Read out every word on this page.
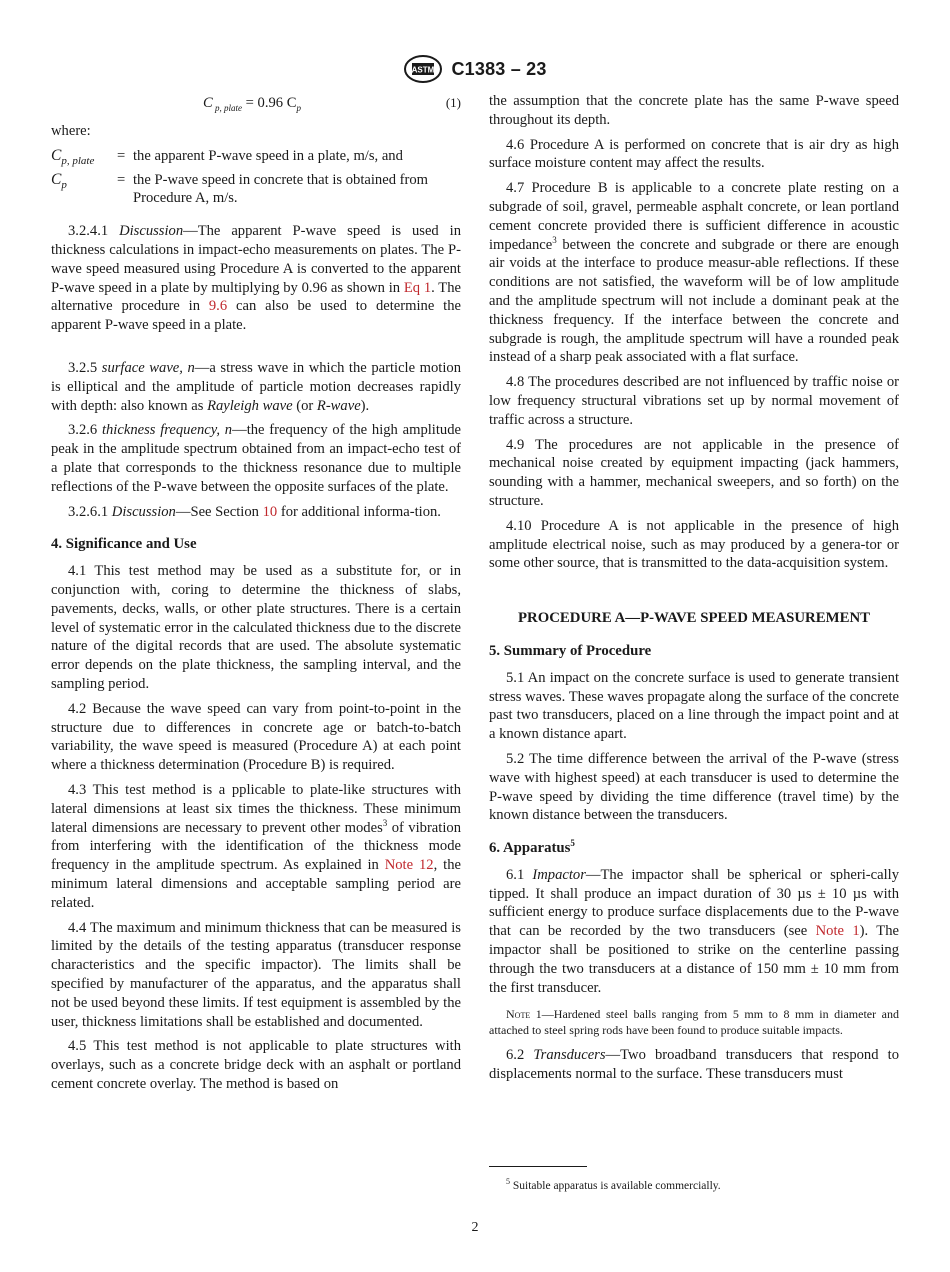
ASTM C1383 – 23
C $_{p, plate}$ = 0.96 $C_p$	(1)

where:

$C_{p, plate}$	=	the apparent P-wave speed in a plate, m/s, and
$C_p$	=	the P-wave speed in concrete that is obtained from Procedure A, m/s.

3.2.4.1 Discussion—The apparent P-wave speed is used in thickness calculations in impact-echo measurements on plates. The P-wave speed measured using Procedure A is converted to the apparent P-wave speed in a plate by multiplying by 0.96 as shown in Eq 1. The alternative procedure in 9.6 can also be used to determine the apparent P-wave speed in a plate.

3.2.5 surface wave, n—a stress wave in which the particle motion is elliptical and the amplitude of particle motion decreases rapidly with depth: also known as Rayleigh wave (or R-wave).

3.2.6 thickness frequency, n—the frequency of the high amplitude peak in the amplitude spectrum obtained from an impact-echo test of a plate that corresponds to the thickness resonance due to multiple reflections of the P-wave between the opposite surfaces of the plate.

3.2.6.1 Discussion—See Section 10 for additional informa-tion.

4. Significance and Use

4.1 This test method may be used as a substitute for, or in conjunction with, coring to determine the thickness of slabs, pavements, decks, walls, or other plate structures. There is a certain level of systematic error in the calculated thickness due to the discrete nature of the digital records that are used. The absolute systematic error depends on the plate thickness, the sampling interval, and the sampling period.

4.2 Because the wave speed can vary from point-to-point in the structure due to differences in concrete age or batch-to-batch variability, the wave speed is measured (Procedure A) at each point where a thickness determination (Procedure B) is required.

4.3 This test method is a pplicable to plate-like structures with lateral dimensions at least six times the thickness. These minimum lateral dimensions are necessary to prevent other modes$^3$ of vibration from interfering with the identification of the thickness mode frequency in the amplitude spectrum. As explained in Note 12, the minimum lateral dimensions and acceptable sampling period are related.

4.4 The maximum and minimum thickness that can be measured is limited by the details of the testing apparatus (transducer response characteristics and the specific impactor). The limits shall be specified by manufacturer of the apparatus, and the apparatus shall not be used beyond these limits. If test equipment is assembled by the user, thickness limitations shall be established and documented.

4.5 This test method is not applicable to plate structures with overlays, such as a concrete bridge deck with an asphalt or portland cement concrete overlay. The method is based on

the assumption that the concrete plate has the same P-wave speed throughout its depth.

4.6 Procedure A is performed on concrete that is air dry as high surface moisture content may affect the results.

4.7 Procedure B is applicable to a concrete plate resting on a subgrade of soil, gravel, permeable asphalt concrete, or lean portland cement concrete provided there is sufficient difference in acoustic impedance$^3$ between the concrete and subgrade or there are enough air voids at the interface to produce measur-able reflections. If these conditions are not satisfied, the waveform will be of low amplitude and the amplitude spectrum will not include a dominant peak at the thickness frequency. If the interface between the concrete and subgrade is rough, the amplitude spectrum will have a rounded peak instead of a sharp peak associated with a flat surface.

4.8 The procedures described are not influenced by traffic noise or low frequency structural vibrations set up by normal movement of traffic across a structure.

4.9 The procedures are not applicable in the presence of mechanical noise created by equipment impacting (jack hammers, sounding with a hammer, mechanical sweepers, and so forth) on the structure.

4.10 Procedure A is not applicable in the presence of high amplitude electrical noise, such as may produced by a genera-tor or some other source, that is transmitted to the data-acquisition system.

PROCEDURE A—P-WAVE SPEED MEASUREMENT
5. Summary of Procedure

5.1 An impact on the concrete surface is used to generate transient stress waves. These waves propagate along the surface of the concrete past two transducers, placed on a line through the impact point and at a known distance apart.

5.2 The time difference between the arrival of the P-wave (stress wave with highest speed) at each transducer is used to determine the P-wave speed by dividing the time difference (travel time) by the known distance between the transducers.

6. Apparatus$^5$

6.1 Impactor—The impactor shall be spherical or spheri-cally tipped. It shall produce an impact duration of 30 µs ± 10 µs with sufficient energy to produce surface displacements due to the P-wave that can be recorded by the two transducers (see Note 1). The impactor shall be positioned to strike on the centerline passing through the two transducers at a distance of 150 mm ± 10 mm from the first transducer.

Note 1—Hardened steel balls ranging from 5 mm to 8 mm in diameter and attached to steel spring rods have been found to produce suitable impacts.

6.2 Transducers—Two broadband transducers that respond to displacements normal to the surface. These transducers must

$^5$ Suitable apparatus is available commercially.
2
